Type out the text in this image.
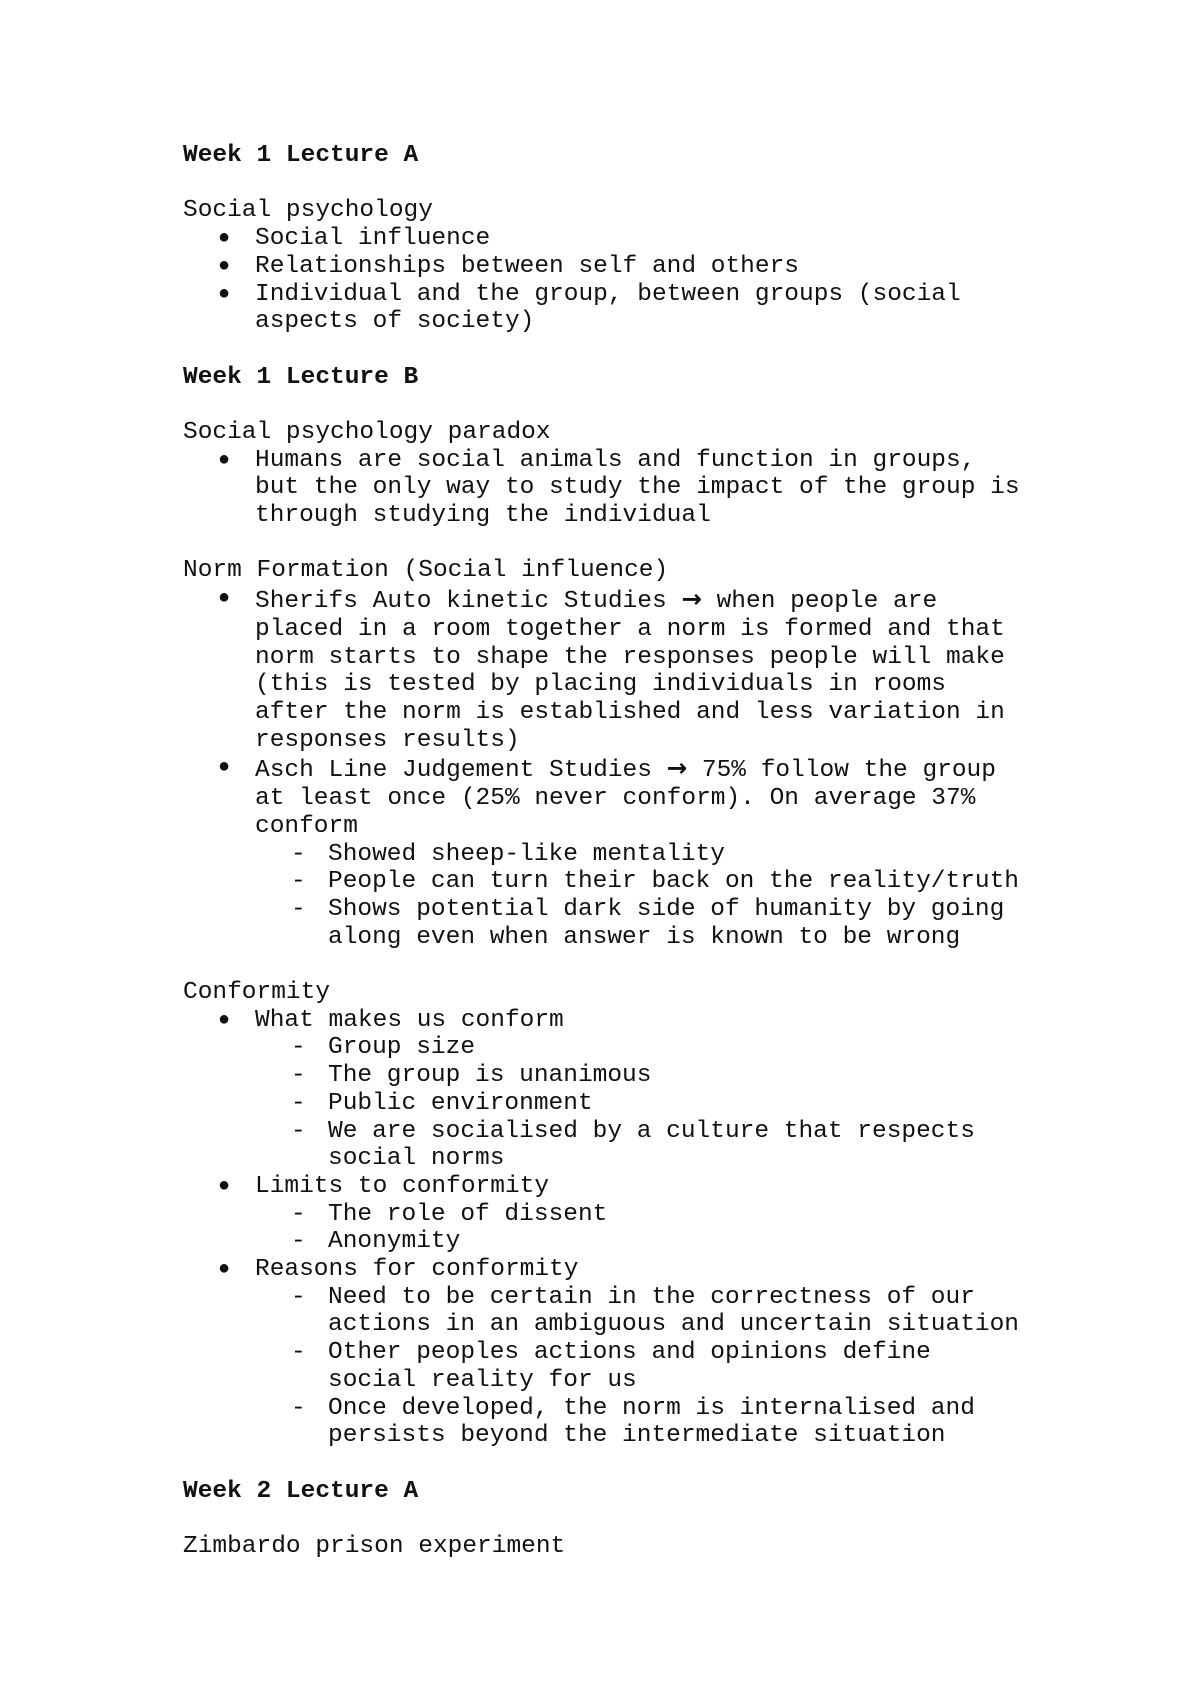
Week 1 Lecture A
Social psychology
● Social influence
● Relationships between self and others
● Individual and the group, between groups (social
aspects of society)
Week 1 Lecture B
Social psychology paradox
● Humans are social animals and function in groups,
but the only way to study the impact of the group is
through studying the individual
Norm Formation (Social influence)
● Sherifs Auto kinetic Studies → when people are
placed in a room together a norm is formed and that
norm starts to shape the responses people will make
(this is tested by placing individuals in rooms
after the norm is established and less variation in
responses results)
● Asch Line Judgement Studies → 75% follow the group
at least once (25% never conform). On average 37%
conform
- Showed sheep-like mentality
- People can turn their back on the reality/truth
- Shows potential dark side of humanity by going
along even when answer is known to be wrong
Conformity
● What makes us conform
- Group size
- The group is unanimous
- Public environment
- We are socialised by a culture that respects
social norms
● Limits to conformity
- The role of dissent
- Anonymity
● Reasons for conformity
- Need to be certain in the correctness of our
actions in an ambiguous and uncertain situation
- Other peoples actions and opinions define
social reality for us
- Once developed, the norm is internalised and
persists beyond the intermediate situation
Week 2 Lecture A
Zimbardo prison experiment
